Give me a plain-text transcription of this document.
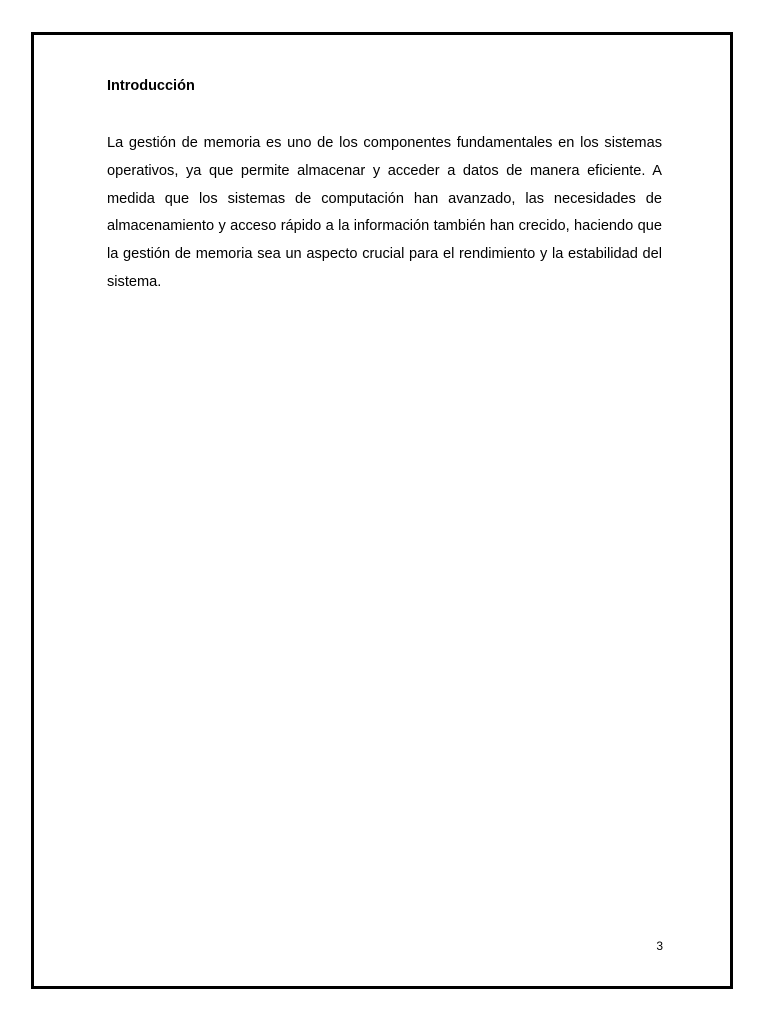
Introducción

La gestión de memoria es uno de los componentes fundamentales en los sistemas operativos, ya que permite almacenar y acceder a datos de manera eficiente. A medida que los sistemas de computación han avanzado, las necesidades de almacenamiento y acceso rápido a la información también han crecido, haciendo que la gestión de memoria sea un aspecto crucial para el rendimiento y la estabilidad del sistema.

3
